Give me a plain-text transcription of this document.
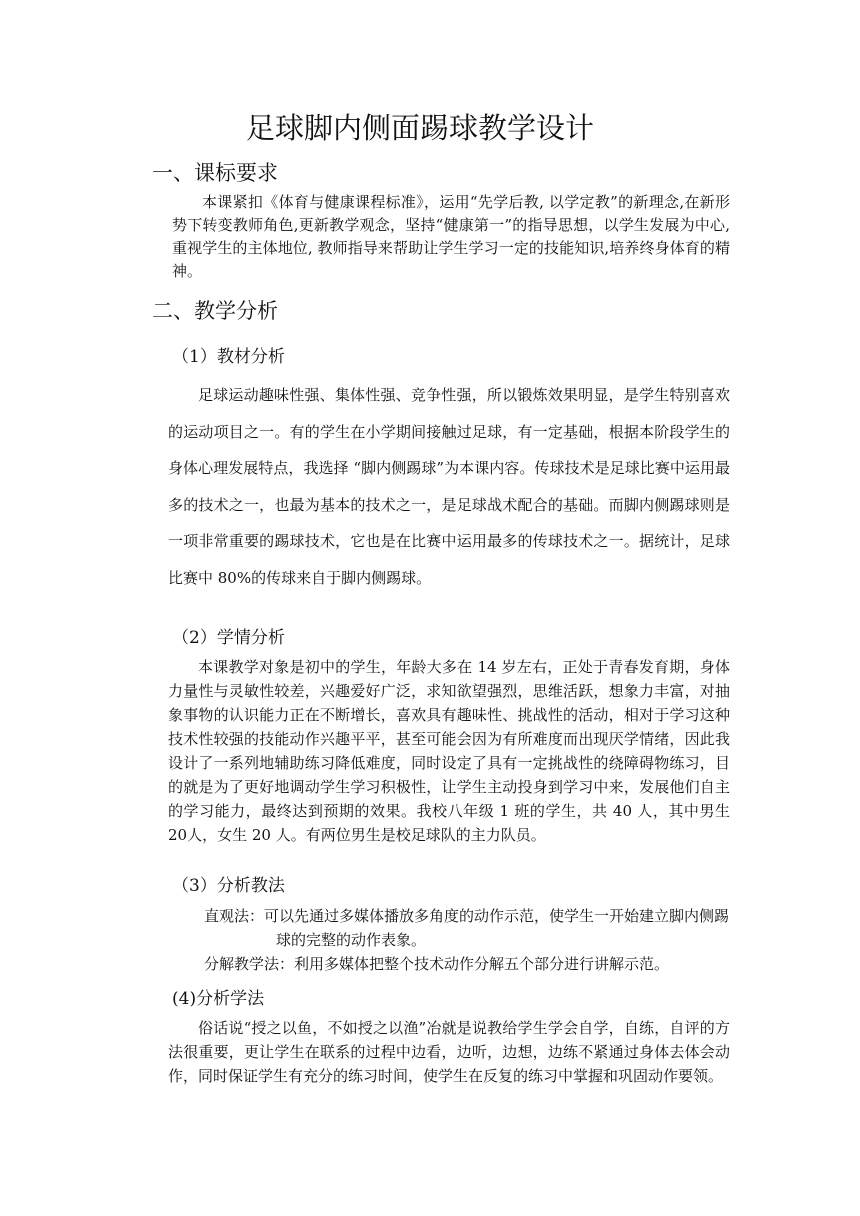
足球脚内侧面踢球教学设计
一、课标要求

本课紧扣《体育与健康课程标准》，运用“先学后教, 以学定教”的新理念,在新形势下转变教师角色,更新教学观念，坚持“健康第一”的指导思想，以学生发展为中心, 重视学生的主体地位, 教师指导来帮助让学生学习一定的技能知识,培养终身体育的精神。

二、教学分析
（1）教材分析

足球运动趣味性强、集体性强、竞争性强，所以锻炼效果明显，是学生特别喜欢的运动项目之一。有的学生在小学期间接触过足球，有一定基础，根据本阶段学生的身体心理发展特点，我选择 “脚内侧踢球”为本课内容。传球技术是足球比赛中运用最多的技术之一，也最为基本的技术之一，是足球战术配合的基础。而脚内侧踢球则是一项非常重要的踢球技术，它也是在比赛中运用最多的传球技术之一。据统计，足球比赛中 80%的传球来自于脚内侧踢球。

（2）学情分析

本课教学对象是初中的学生，年龄大多在 14 岁左右，正处于青春发育期，身体力量性与灵敏性较差，兴趣爱好广泛，求知欲望强烈，思维活跃，想象力丰富，对抽象事物的认识能力正在不断增长，喜欢具有趣味性、挑战性的活动，相对于学习这种技术性较强的技能动作兴趣平平，甚至可能会因为有所难度而出现厌学情绪，因此我设计了一系列地辅助练习降低难度，同时设定了具有一定挑战性的绕障碍物练习，目的就是为了更好地调动学生学习积极性，让学生主动投身到学习中来，发展他们自主的学习能力，最终达到预期的效果。我校八年级 1 班的学生，共 40 人，其中男生 20人，女生 20 人。有两位男生是校足球队的主力队员。

（3）分析教法

直观法：可以先通过多媒体播放多角度的动作示范，使学生一开始建立脚内侧踢球的完整的动作表象。

分解教学法：利用多媒体把整个技术动作分解五个部分进行讲解示范。

(4)分析学法

俗话说“授之以鱼，不如授之以渔”冶就是说教给学生学会自学，自练，自评的方法很重要，更让学生在联系的过程中边看，边听，边想，边练不紧通过身体去体会动作，同时保证学生有充分的练习时间，使学生在反复的练习中掌握和巩固动作要领。
